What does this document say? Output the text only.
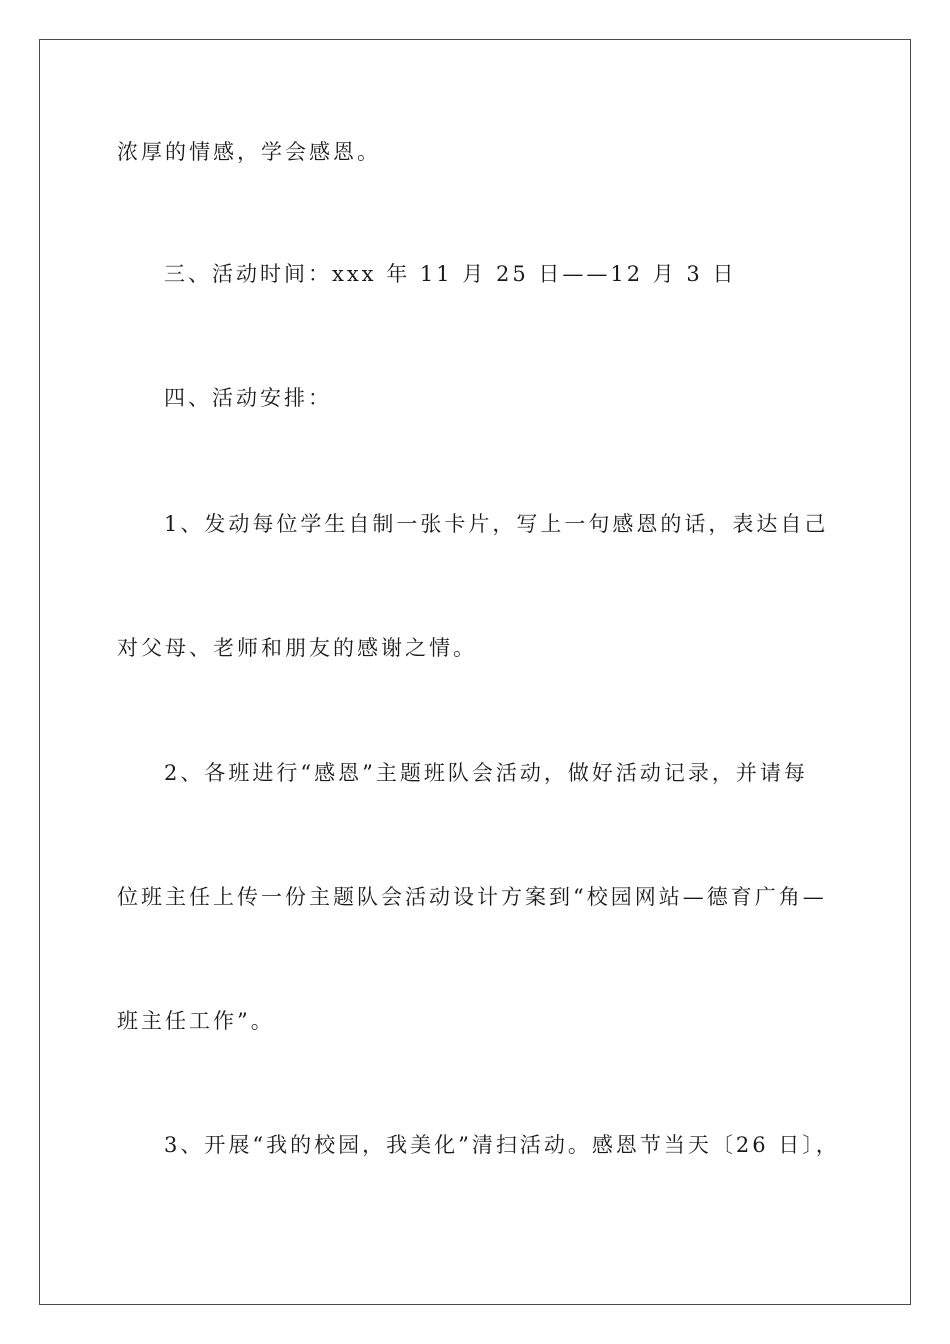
浓厚的情感，学会感恩。
三、活动时间：xxx 年 11 月 25 日——12 月 3 日
四、活动安排：
1、发动每位学生自制一张卡片，写上一句感恩的话，表达自己
对父母、老师和朋友的感谢之情。
2、各班进行“感恩”主题班队会活动，做好活动记录，并请每
位班主任上传一份主题队会活动设计方案到“校园网站—德育广角—
班主任工作”。
3、开展“我的校园，我美化”清扫活动。感恩节当天〔26 日〕，
